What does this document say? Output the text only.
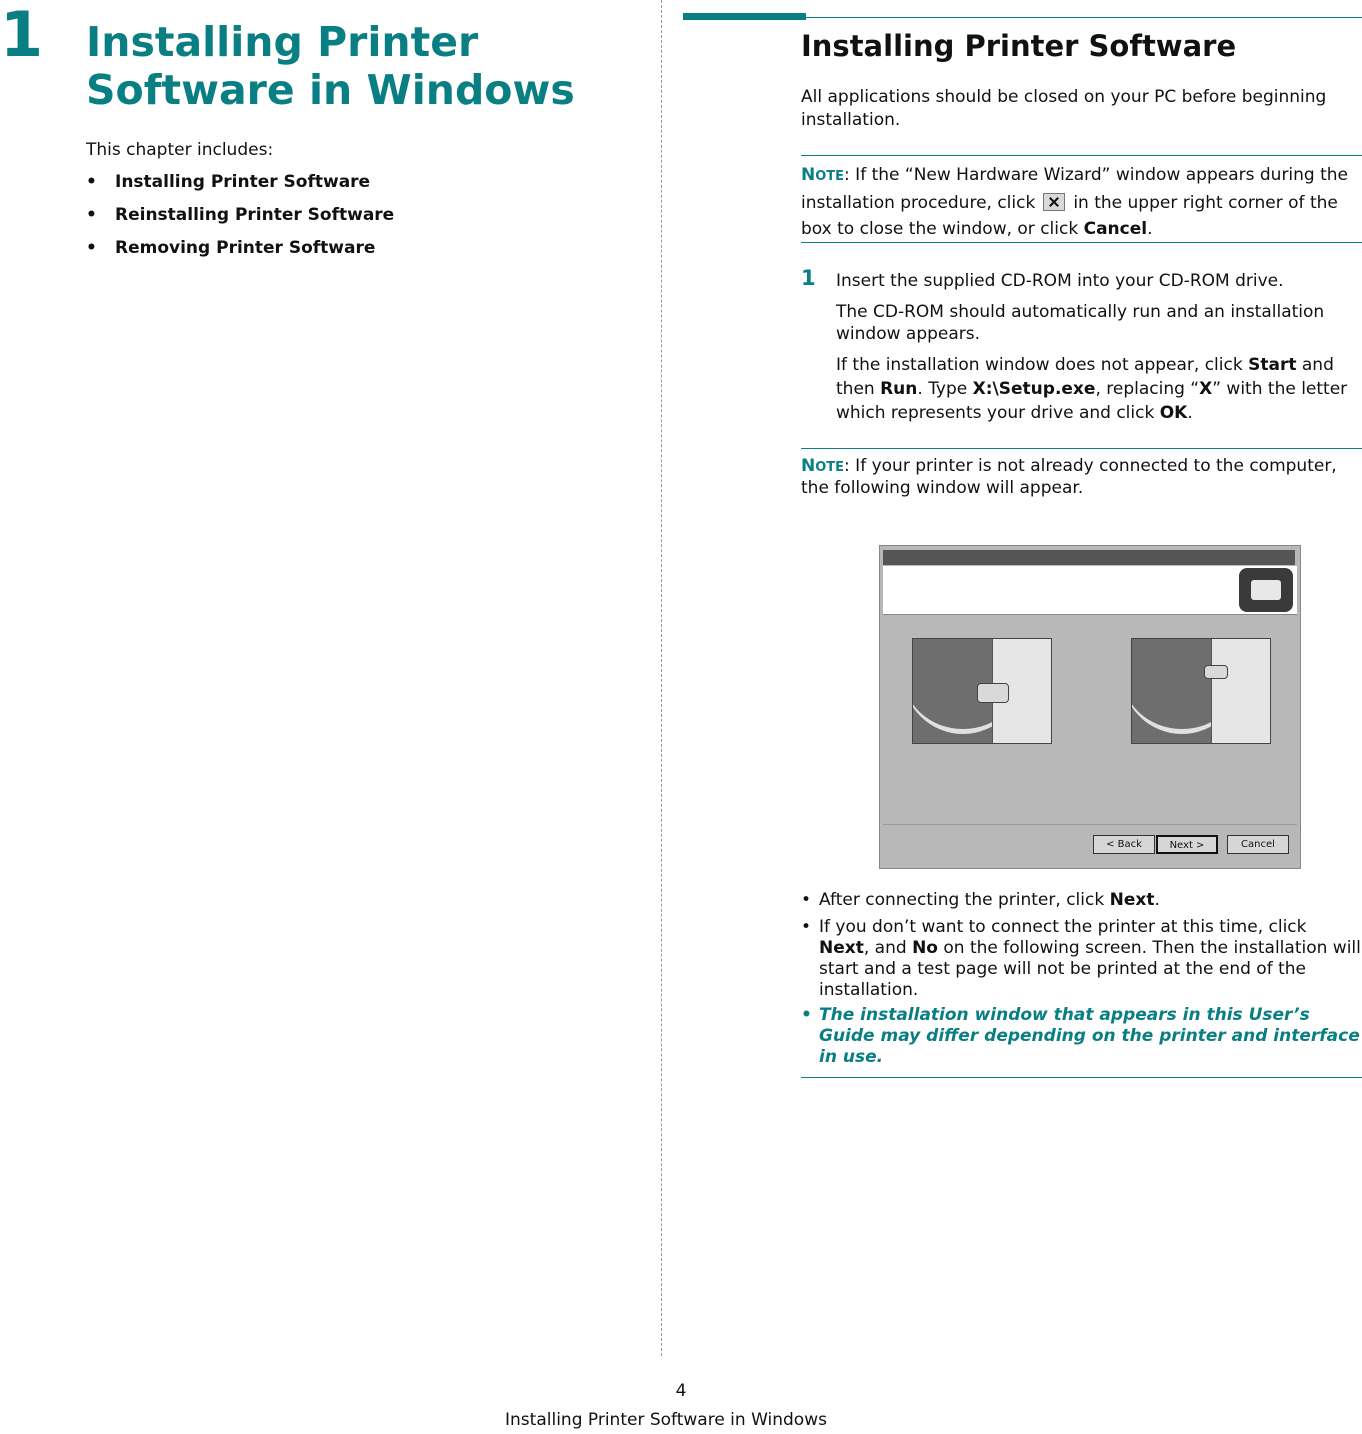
1 Installing Printer Software in Windows
This chapter includes:
•	Installing Printer Software
•	Reinstalling Printer Software
•	Removing Printer Software
Installing Printer Software

All applications should be closed on your PC before beginning installation.

NOTE: If the “New Hardware Wizard” window appears during the installation procedure, click in the upper right corner of the box to close the window, or click Cancel.

1 Insert the supplied CD-ROM into your CD-ROM drive.

The CD-ROM should automatically run and an installation window appears.

If the installation window does not appear, click Start and then Run. Type X:\Setup.exe, replacing “X” with the letter which represents your drive and click OK.

NOTE: If your printer is not already connected to the computer, the following window will appear.

< Back	Next >	Cancel
• After connecting the printer, click Next.
• If you don’t want to connect the printer at this time, click Next, and No on the following screen. Then the installation will start and a test page will not be printed at the end of the installation.
• The installation window that appears in this User’s Guide may differ depending on the printer and interface in use.
4
Installing Printer Software in Windows
